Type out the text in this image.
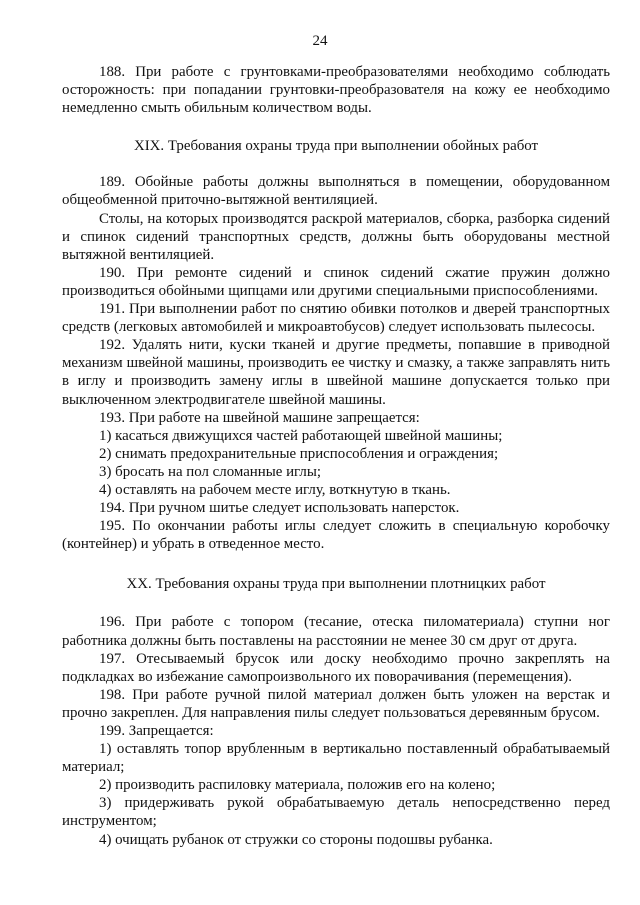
24

188. При работе с грунтовками-преобразователями необходимо соблюдать осторожность: при попадании грунтовки-преобразователя на кожу ее необходимо немедленно смыть обильным количеством воды.

XIX. Требования охраны труда при выполнении обойных работ

189. Обойные работы должны выполняться в помещении, оборудованном общеобменной приточно-вытяжной вентиляцией.

Столы, на которых производятся раскрой материалов, сборка, разборка сидений и спинок сидений транспортных средств, должны быть оборудованы местной вытяжной вентиляцией.

190. При ремонте сидений и спинок сидений сжатие пружин должно производиться обойными щипцами или другими специальными приспособлениями.

191. При выполнении работ по снятию обивки потолков и дверей транспортных средств (легковых автомобилей и микроавтобусов) следует использовать пылесосы.

192. Удалять нити, куски тканей и другие предметы, попавшие в приводной механизм швейной машины, производить ее чистку и смазку, а также заправлять нить в иглу и производить замену иглы в швейной машине допускается только при выключенном электродвигателе швейной машины.

193. При работе на швейной машине запрещается:

1) касаться движущихся частей работающей швейной машины;

2) снимать предохранительные приспособления и ограждения;

3) бросать на пол сломанные иглы;

4) оставлять на рабочем месте иглу, воткнутую в ткань.

194. При ручном шитье следует использовать наперсток.

195. По окончании работы иглы следует сложить в специальную коробочку (контейнер) и убрать в отведенное место.

XX. Требования охраны труда при выполнении плотницких работ

196. При работе с топором (тесание, отеска пиломатериала) ступни ног работника должны быть поставлены на расстоянии не менее 30 см друг от друга.

197. Отесываемый брусок или доску необходимо прочно закреплять на подкладках во избежание самопроизвольного их поворачивания (перемещения).

198. При работе ручной пилой материал должен быть уложен на верстак и прочно закреплен. Для направления пилы следует пользоваться деревянным брусом.

199. Запрещается:

1) оставлять топор врубленным в вертикально поставленный обрабатываемый материал;

2) производить распиловку материала, положив его на колено;

3) придерживать рукой обрабатываемую деталь непосредственно перед инструментом;

4) очищать рубанок от стружки со стороны подошвы рубанка.
